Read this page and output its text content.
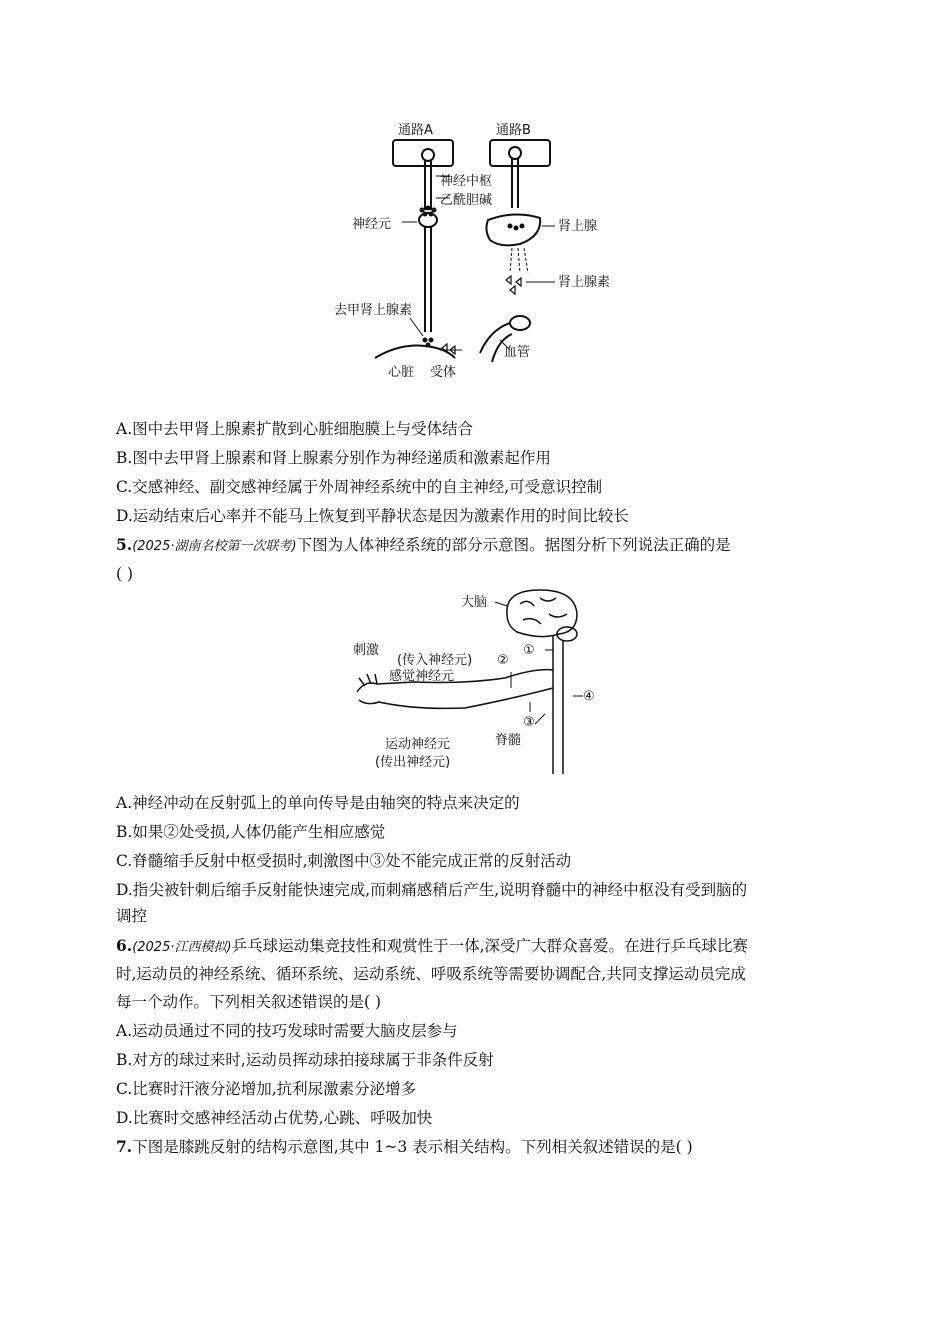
通路A	通路B
神经中枢
乙酰胆碱
神经元	肾上腺
肾上腺素
去甲肾上腺素
血管
心脏 受体
A.图中去甲肾上腺素扩散到心脏细胞膜上与受体结合
B.图中去甲肾上腺素和肾上腺素分别作为神经递质和激素起作用
C.交感神经、副交感神经属于外周神经系统中的自主神经,可受意识控制
D.运动结束后心率并不能马上恢复到平静状态是因为激素作用的时间比较长
5.(2025·湖南名校第一次联考)下图为人体神经系统的部分示意图。据图分析下列说法正确的是
( )
大脑
刺激
(传入神经元)
感觉神经元
②
①
④
③
脊髓
运动神经元
(传出神经元)
A.神经冲动在反射弧上的单向传导是由轴突的特点来决定的
B.如果②处受损,人体仍能产生相应感觉
C.脊髓缩手反射中枢受损时,刺激图中③处不能完成正常的反射活动
D.指尖被针刺后缩手反射能快速完成,而刺痛感稍后产生,说明脊髓中的神经中枢没有受到脑的
调控
6.(2025·江西模拟)乒乓球运动集竞技性和观赏性于一体,深受广大群众喜爱。在进行乒乓球比赛
时,运动员的神经系统、循环系统、运动系统、呼吸系统等需要协调配合,共同支撑运动员完成
每一个动作。下列相关叙述错误的是( )
A.运动员通过不同的技巧发球时需要大脑皮层参与
B.对方的球过来时,运动员挥动球拍接球属于非条件反射
C.比赛时汗液分泌增加,抗利尿激素分泌增多
D.比赛时交感神经活动占优势,心跳、呼吸加快
7.下图是膝跳反射的结构示意图,其中 1~3 表示相关结构。下列相关叙述错误的是( )
